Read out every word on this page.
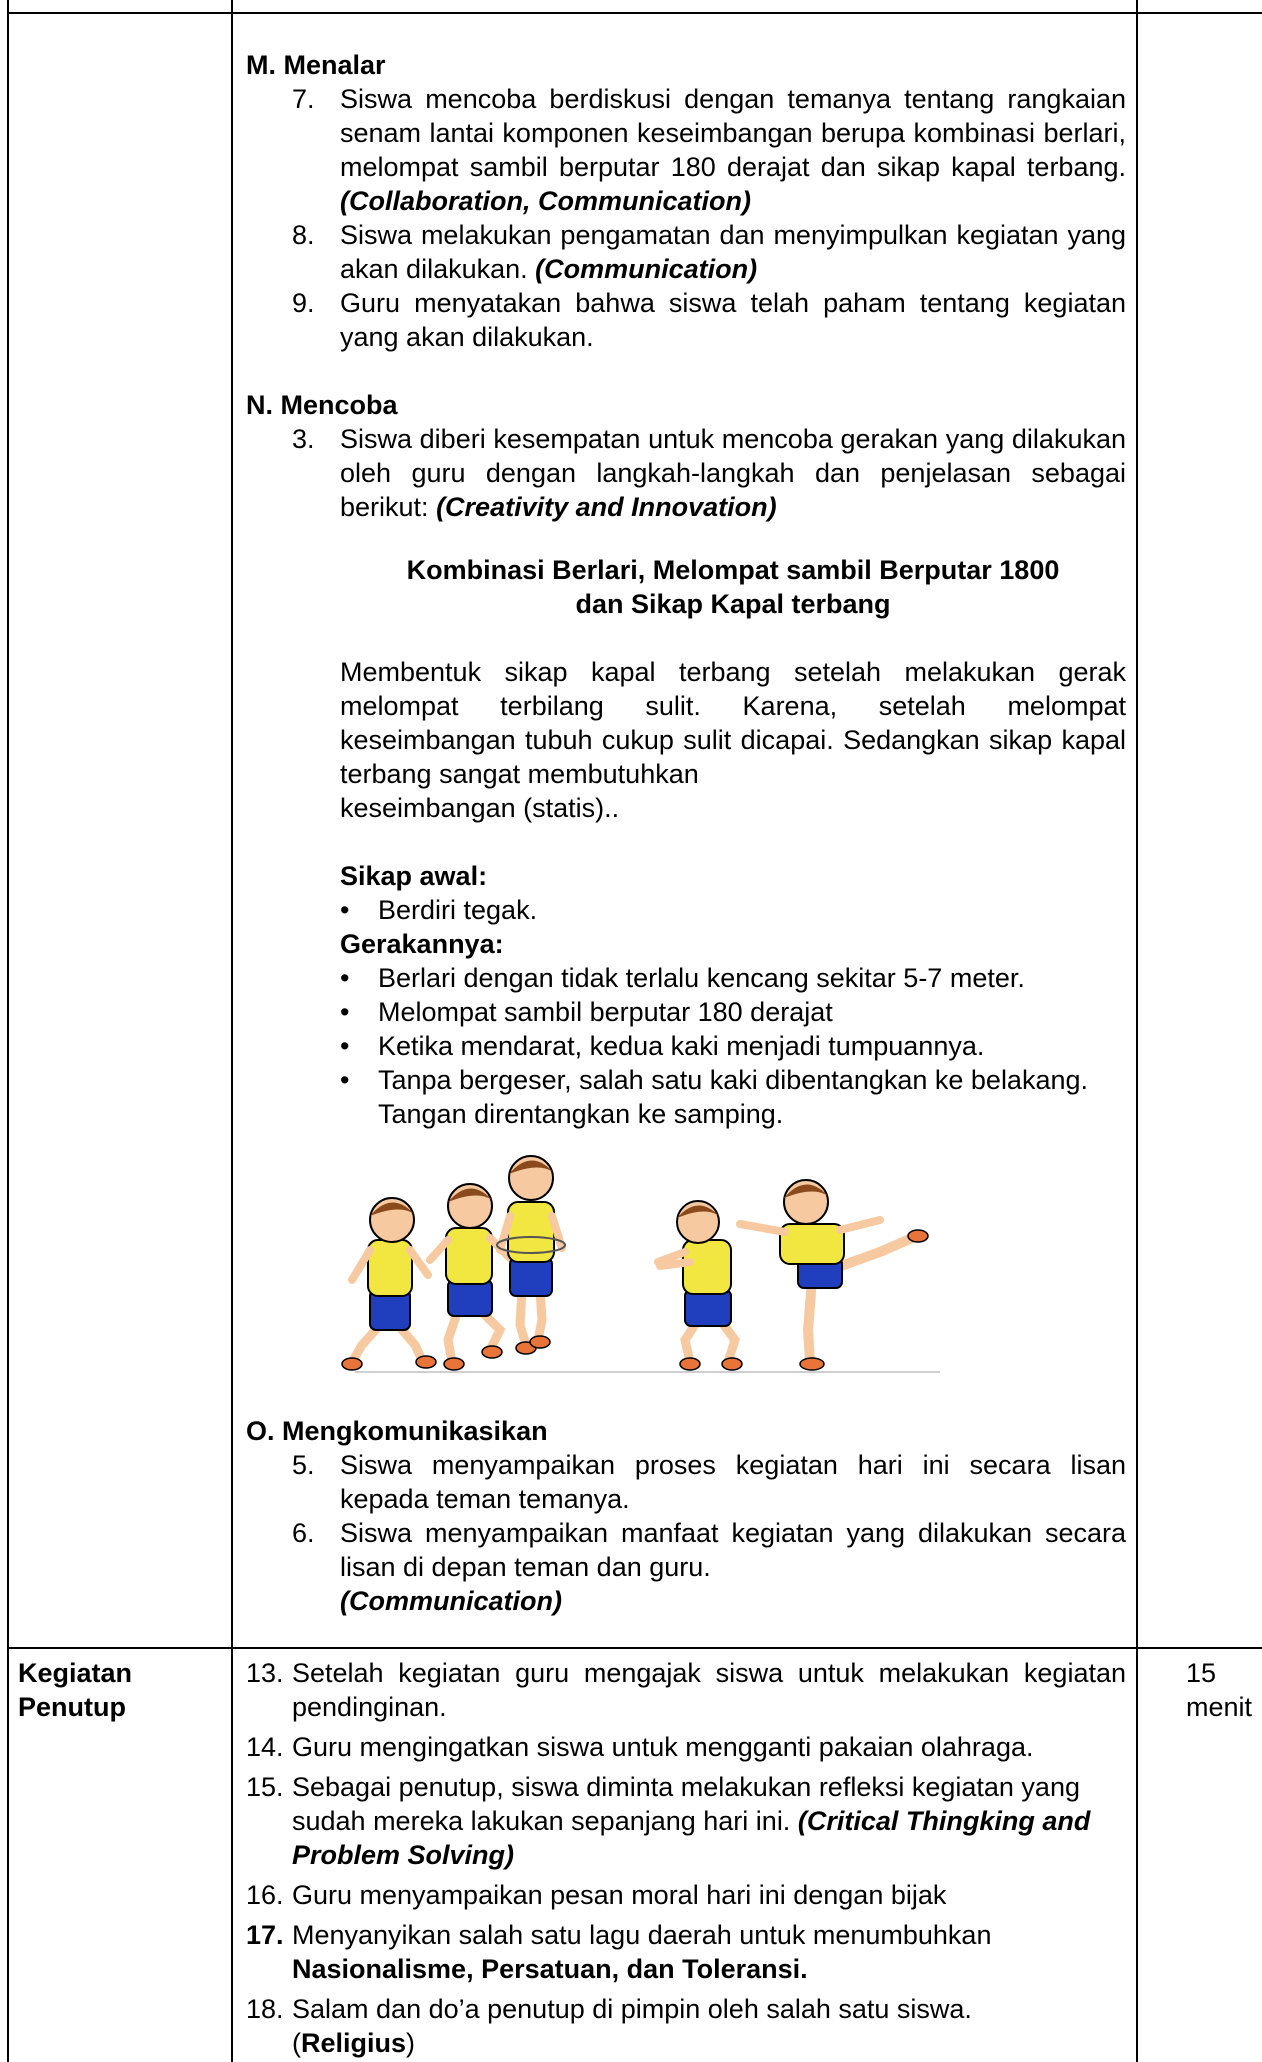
M. Menalar
7. Siswa mencoba berdiskusi dengan temanya tentang rangkaian senam lantai komponen keseimbangan berupa kombinasi berlari, melompat sambil berputar 180 derajat dan sikap kapal terbang. (Collaboration, Communication)
8. Siswa melakukan pengamatan dan menyimpulkan kegiatan yang akan dilakukan. (Communication)
9. Guru menyatakan bahwa siswa telah paham tentang kegiatan yang akan dilakukan.
N. Mencoba
3. Siswa diberi kesempatan untuk mencoba gerakan yang dilakukan oleh guru dengan langkah-langkah dan penjelasan sebagai berikut: (Creativity and Innovation)
Kombinasi Berlari, Melompat sambil Berputar 1800
dan Sikap Kapal terbang
Membentuk sikap kapal terbang setelah melakukan gerak melompat terbilang sulit. Karena, setelah melompat keseimbangan tubuh cukup sulit dicapai. Sedangkan sikap kapal terbang sangat membutuhkan
keseimbangan (statis)..
Sikap awal:
• Berdiri tegak.
Gerakannya:
• Berlari dengan tidak terlalu kencang sekitar 5-7 meter.
• Melompat sambil berputar 180 derajat
• Ketika mendarat, kedua kaki menjadi tumpuannya.
• Tanpa bergeser, salah satu kaki dibentangkan ke belakang. Tangan direntangkan ke samping.
O. Mengkomunikasikan
5. Siswa menyampaikan proses kegiatan hari ini secara lisan kepada teman temanya.
6. Siswa menyampaikan manfaat kegiatan yang dilakukan secara lisan di depan teman dan guru.
(Communication)
Kegiatan
Penutup
15
menit
13. Setelah kegiatan guru mengajak siswa untuk melakukan kegiatan pendinginan.
14. Guru mengingatkan siswa untuk mengganti pakaian olahraga.
15. Sebagai penutup, siswa diminta melakukan refleksi kegiatan yang sudah mereka lakukan sepanjang hari ini. (Critical Thingking and Problem Solving)
16. Guru menyampaikan pesan moral hari ini dengan bijak
17. Menyanyikan salah satu lagu daerah untuk menumbuhkan
Nasionalisme, Persatuan, dan Toleransi.
18. Salam dan do’a penutup di pimpin oleh salah satu siswa.
(Religius)
